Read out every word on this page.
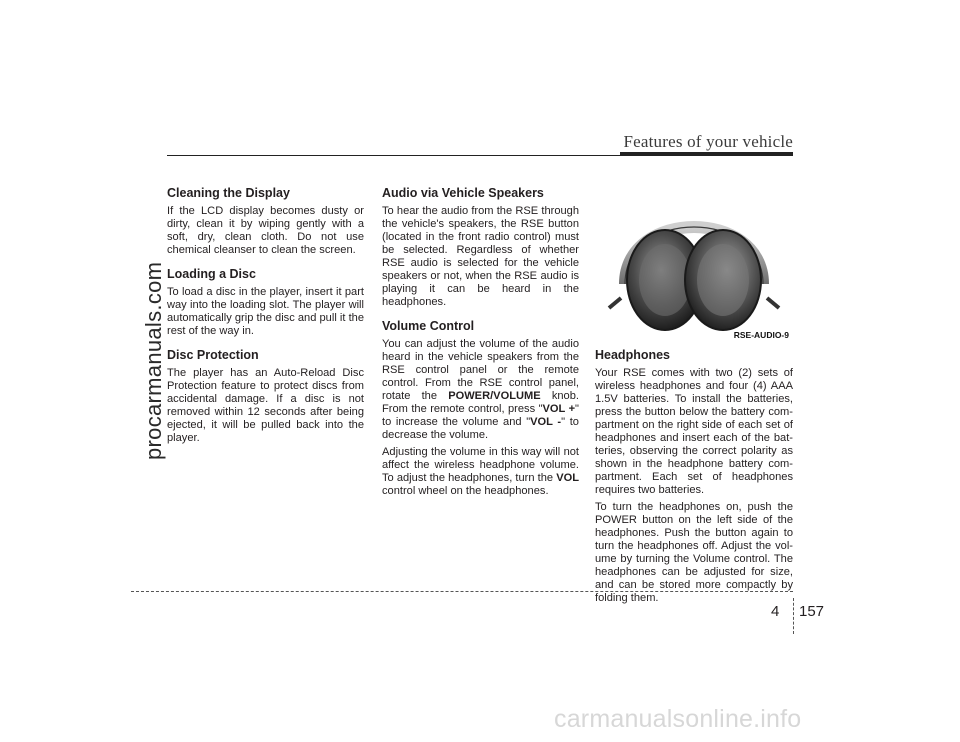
Features of your vehicle
procarmanuals.com
Cleaning the Display

If the LCD display becomes dusty or dirty, clean it by wiping gently with a soft, dry, clean cloth. Do not use chemical cleanser to clean the screen.

Loading a Disc

To load a disc in the player, insert it part way into the loading slot. The player will automatically grip the disc and pull it the rest of the way in.

Disc Protection

The player has an Auto-Reload Disc Protection feature to protect discs from accidental damage. If a disc is not removed within 12 seconds after being ejected, it will be pulled back into the player.

Audio via Vehicle Speakers

To hear the audio from the RSE through the vehicle's speakers, the RSE button (located in the front radio control) must be selected. Regardless of whether RSE audio is selected for the vehicle speakers or not, when the RSE audio is playing it can be heard in the headphones.

Volume Control

You can adjust the volume of the audio heard in the vehicle speakers from the RSE control panel or the remote control. From the RSE control panel, rotate the POWER/VOLUME knob. From the remote control, press "VOL +" to increase the volume and "VOL -" to decrease the volume.

Adjusting the volume in this way will not affect the wireless headphone volume. To adjust the headphones, turn the VOL control wheel on the headphones.

RSE-AUDIO-9
Headphones

Your RSE comes with two (2) sets of wireless headphones and four (4) AAA 1.5V batteries. To install the batteries, press the button below the battery com-partment on the right side of each set of headphones and insert each of the bat-teries, observing the correct polarity as shown in the headphone battery com-partment. Each set of headphones requires two batteries.

To turn the headphones on, push the POWER button on the left side of the headphones. Push the button again to turn the headphones off. Adjust the vol-ume by turning the Volume control. The headphones can be adjusted for size, and can be stored more compactly by folding them.

4 157
carmanualsonline.info
